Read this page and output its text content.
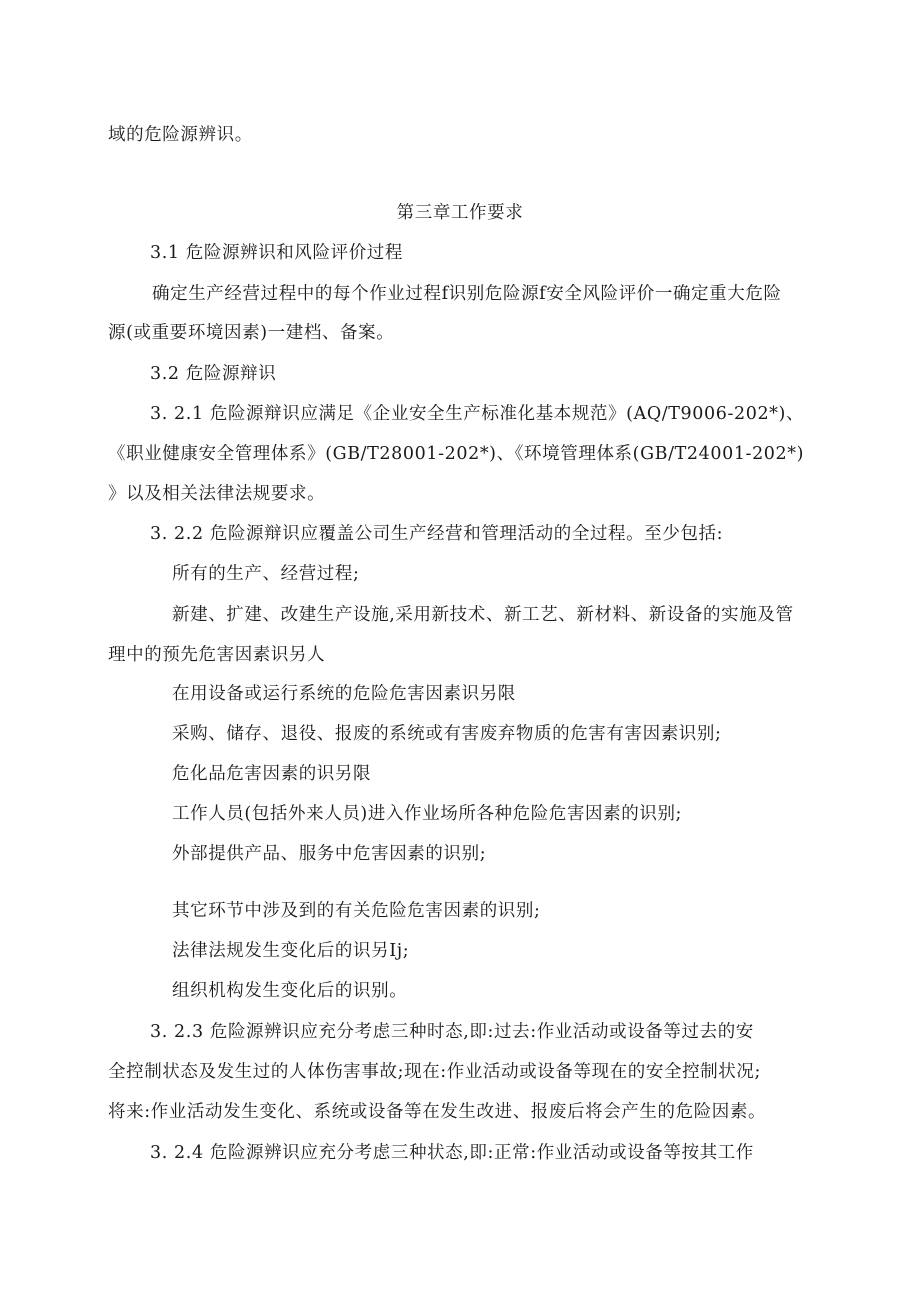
域的危险源辨识。
第三章工作要求
3.1 危险源辨识和风险评价过程
确定生产经营过程中的每个作业过程f识别危险源f安全风险评价一确定重大危险
源(或重要环境因素)一建档、备案。
3.2 危险源辩识
3. 2.1 危险源辩识应满足《企业安全生产标准化基本规范》(AQ/T9006-202*)、
《职业健康安全管理体系》(GB/T28001-202*)、《环境管理体系(GB/T24001-202*)
》以及相关法律法规要求。
3. 2.2 危险源辩识应覆盖公司生产经营和管理活动的全过程。至少包括:
所有的生产、经营过程;
新建、扩建、改建生产设施,采用新技术、新工艺、新材料、新设备的实施及管
理中的预先危害因素识另人
在用设备或运行系统的危险危害因素识另限
采购、储存、退役、报废的系统或有害废弃物质的危害有害因素识别;
危化品危害因素的识另限
工作人员(包括外来人员)进入作业场所各种危险危害因素的识别;
外部提供产品、服务中危害因素的识别;
其它环节中涉及到的有关危险危害因素的识别;
法律法规发生变化后的识另Ij;
组织机构发生变化后的识别。
3. 2.3 危险源辨识应充分考虑三种时态,即:过去:作业活动或设备等过去的安
全控制状态及发生过的人体伤害事故;现在:作业活动或设备等现在的安全控制状况;
将来:作业活动发生变化、系统或设备等在发生改进、报废后将会产生的危险因素。
3. 2.4 危险源辨识应充分考虑三种状态,即:正常:作业活动或设备等按其工作
